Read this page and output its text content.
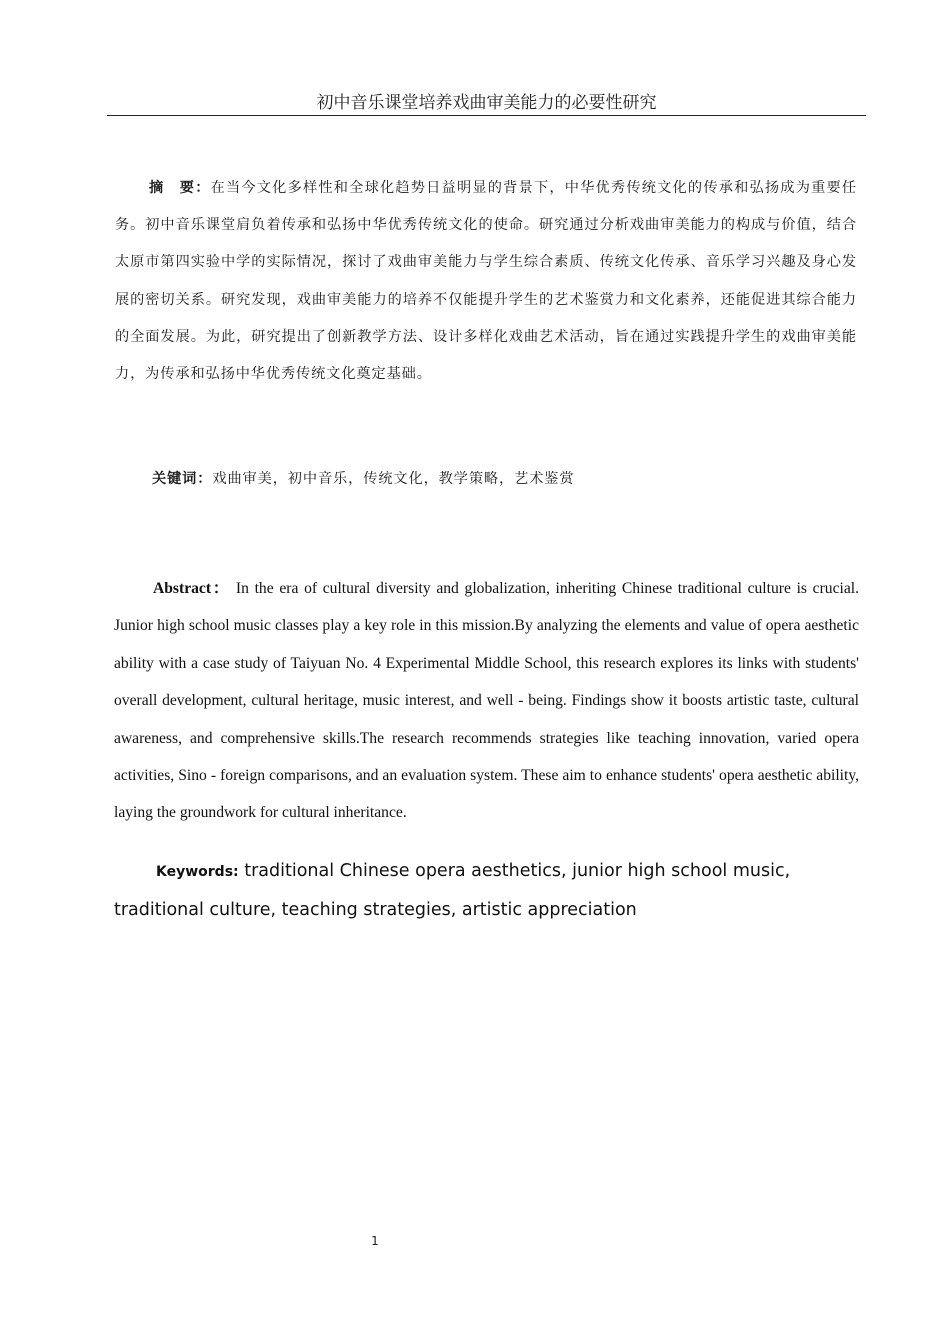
初中音乐课堂培养戏曲审美能力的必要性研究

摘　要：在当今文化多样性和全球化趋势日益明显的背景下，中华优秀传统文化的传承和弘扬成为重要任务。初中音乐课堂肩负着传承和弘扬中华优秀传统文化的使命。研究通过分析戏曲审美能力的构成与价值，结合太原市第四实验中学的实际情况，探讨了戏曲审美能力与学生综合素质、传统文化传承、音乐学习兴趣及身心发展的密切关系。研究发现，戏曲审美能力的培养不仅能提升学生的艺术鉴赏力和文化素养，还能促进其综合能力的全面发展。为此，研究提出了创新教学方法、设计多样化戏曲艺术活动，旨在通过实践提升学生的戏曲审美能力，为传承和弘扬中华优秀传统文化奠定基础。

关键词：戏曲审美，初中音乐，传统文化，教学策略，艺术鉴赏

Abstract： In the era of cultural diversity and globalization, inheriting Chinese traditional culture is crucial. Junior high school music classes play a key role in this mission.By analyzing the elements and value of opera aesthetic ability with a case study of Taiyuan No. 4 Experimental Middle School, this research explores its links with students' overall development, cultural heritage, music interest, and well - being. Findings show it boosts artistic taste, cultural awareness, and comprehensive skills.The research recommends strategies like teaching innovation, varied opera activities, Sino - foreign comparisons, and an evaluation system. These aim to enhance students' opera aesthetic ability, laying the groundwork for cultural inheritance.

Keywords: traditional Chinese opera aesthetics, junior high school music, traditional culture, teaching strategies, artistic appreciation

1
